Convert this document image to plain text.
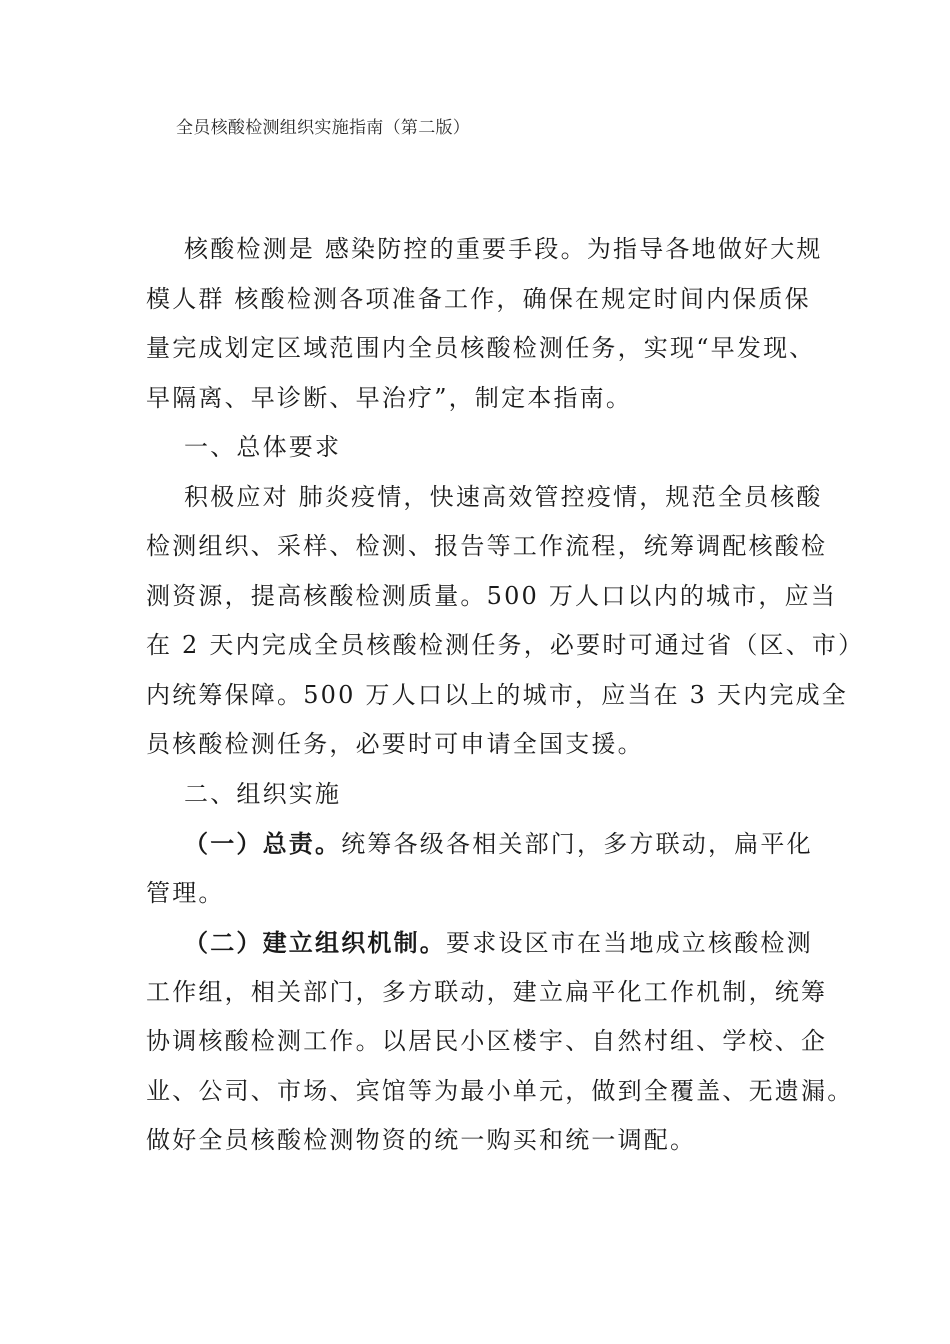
全员核酸检测组织实施指南（第二版）
核酸检测是 感染防控的重要手段。为指导各地做好大规
模人群 核酸检测各项准备工作，确保在规定时间内保质保
量完成划定区域范围内全员核酸检测任务，实现“早发现、
早隔离、早诊断、早治疗”，制定本指南。
一、总体要求
积极应对 肺炎疫情，快速高效管控疫情，规范全员核酸
检测组织、采样、检测、报告等工作流程，统筹调配核酸检
测资源，提高核酸检测质量。500 万人口以内的城市，应当
在 2 天内完成全员核酸检测任务，必要时可通过省（区、市）
内统筹保障。500 万人口以上的城市，应当在 3 天内完成全
员核酸检测任务，必要时可申请全国支援。
二、组织实施
（一）总责。统筹各级各相关部门，多方联动，扁平化
管理。
（二）建立组织机制。要求设区市在当地成立核酸检测
工作组，相关部门，多方联动，建立扁平化工作机制，统筹
协调核酸检测工作。以居民小区楼宇、自然村组、学校、企
业、公司、市场、宾馆等为最小单元，做到全覆盖、无遗漏。
做好全员核酸检测物资的统一购买和统一调配。
